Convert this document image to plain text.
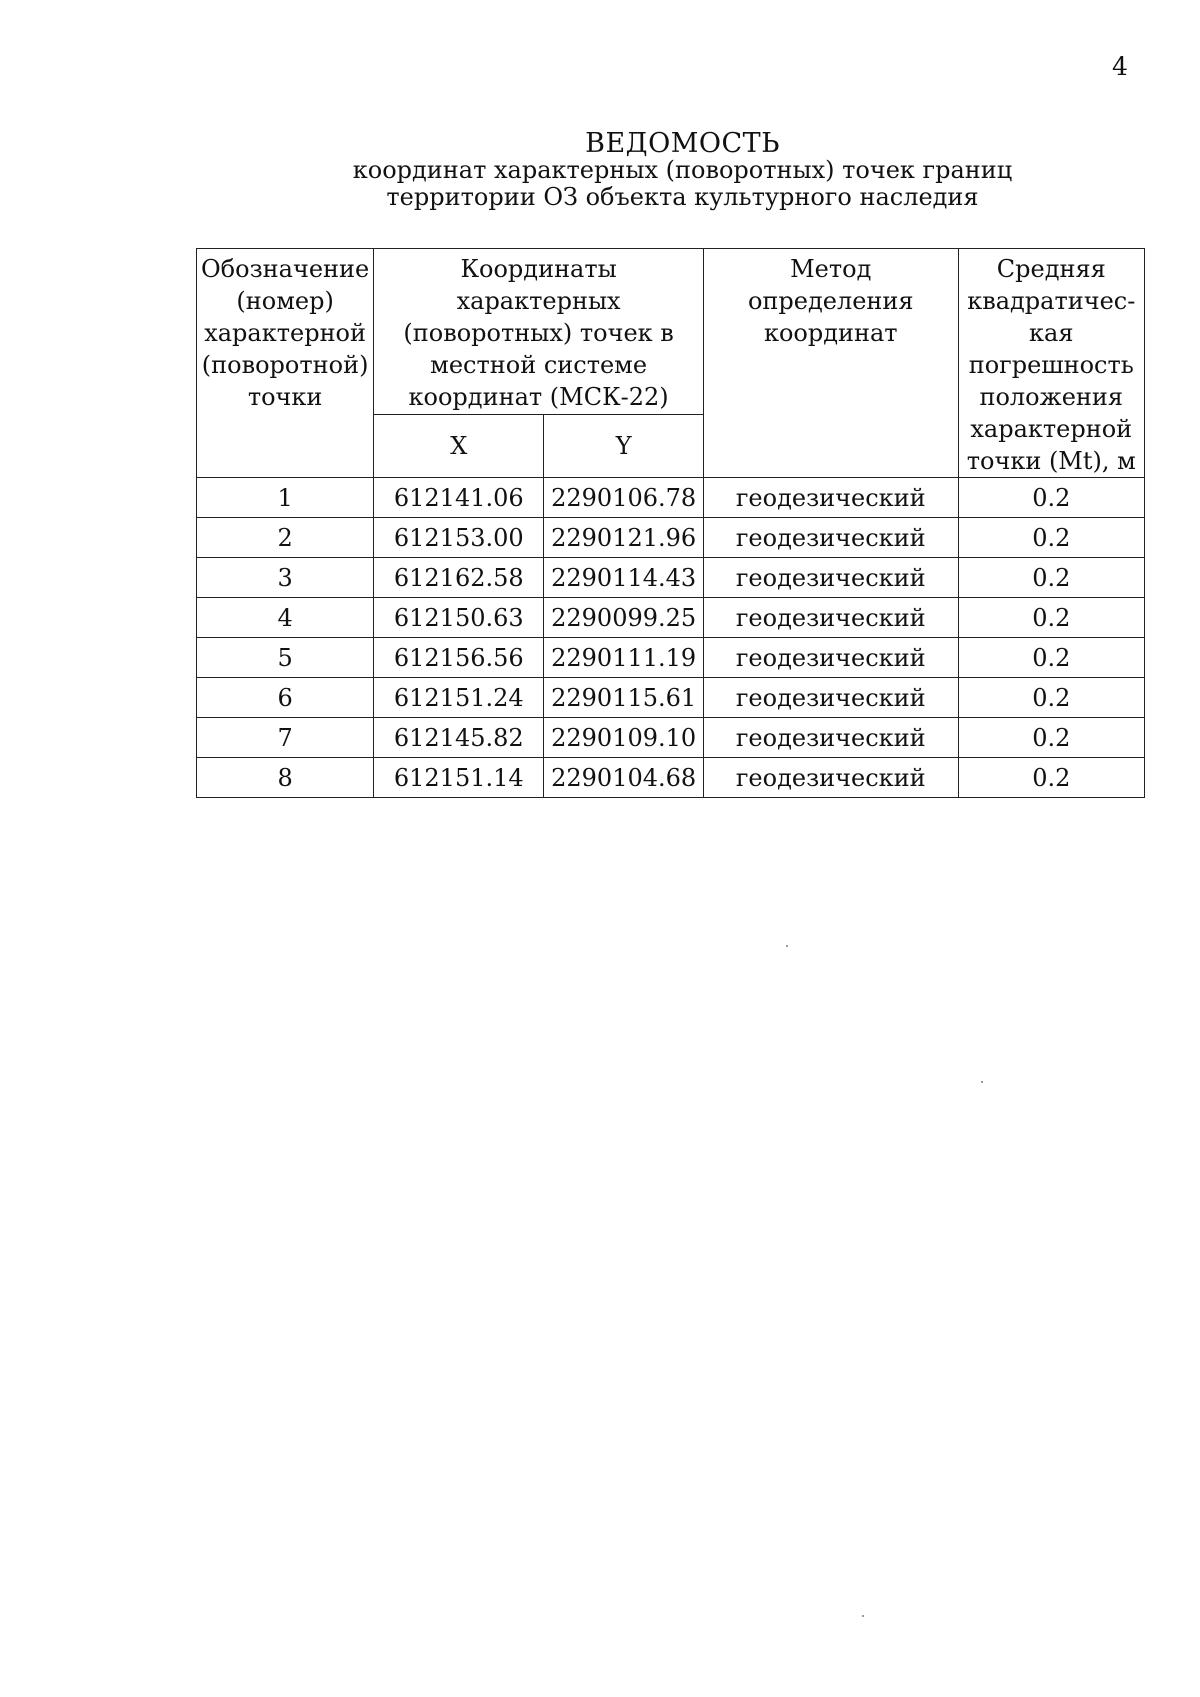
4
ВЕДОМОСТЬ
координат характерных (поворотных) точек границ
территории ОЗ объекта культурного наследия
Обозначение (номер) характерной (поворотной) точки	Координаты характерных (поворотных) точек в местной системе координат (МСК-22)		Метод определения координат	Средняя квадратичес-кая погрешность положения характерной точки (Mt), м
	X	Y		
1	612141.06	2290106.78	геодезический	0.2
2	612153.00	2290121.96	геодезический	0.2
3	612162.58	2290114.43	геодезический	0.2
4	612150.63	2290099.25	геодезический	0.2
5	612156.56	2290111.19	геодезический	0.2
6	612151.24	2290115.61	геодезический	0.2
7	612145.82	2290109.10	геодезический	0.2
8	612151.14	2290104.68	геодезический	0.2
